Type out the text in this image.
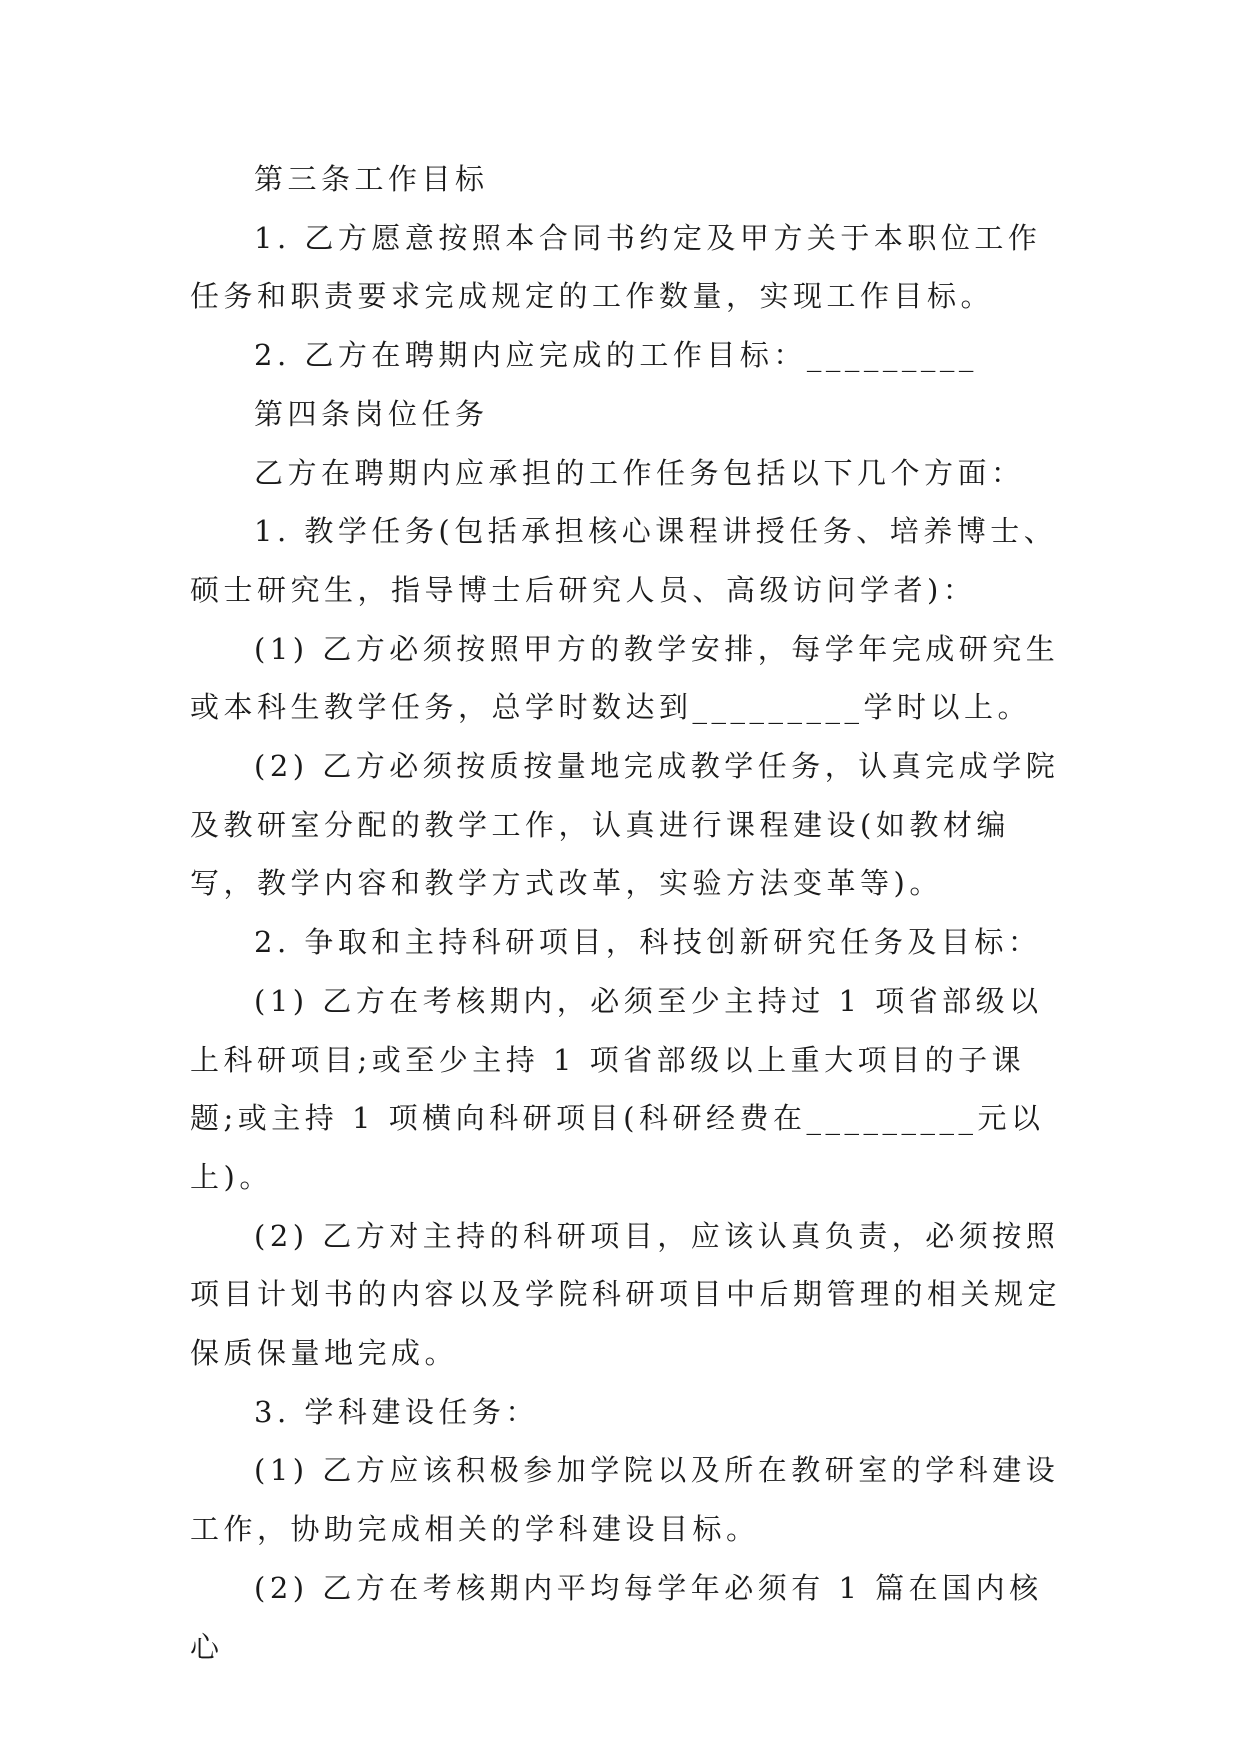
第三条工作目标

1. 乙方愿意按照本合同书约定及甲方关于本职位工作任务和职责要求完成规定的工作数量，实现工作目标。

2. 乙方在聘期内应完成的工作目标：_________

第四条岗位任务

乙方在聘期内应承担的工作任务包括以下几个方面：

1. 教学任务(包括承担核心课程讲授任务、培养博士、硕士研究生，指导博士后研究人员、高级访问学者)：

(1) 乙方必须按照甲方的教学安排，每学年完成研究生或本科生教学任务，总学时数达到_________学时以上。

(2) 乙方必须按质按量地完成教学任务，认真完成学院及教研室分配的教学工作，认真进行课程建设(如教材编写，教学内容和教学方式改革，实验方法变革等)。

2. 争取和主持科研项目，科技创新研究任务及目标：

(1) 乙方在考核期内，必须至少主持过 1 项省部级以上科研项目;或至少主持 1 项省部级以上重大项目的子课题;或主持 1 项横向科研项目(科研经费在_________元以上)。

(2) 乙方对主持的科研项目，应该认真负责，必须按照项目计划书的内容以及学院科研项目中后期管理的相关规定保质保量地完成。

3. 学科建设任务：

(1) 乙方应该积极参加学院以及所在教研室的学科建设工作，协助完成相关的学科建设目标。

(2) 乙方在考核期内平均每学年必须有 1 篇在国内核心
